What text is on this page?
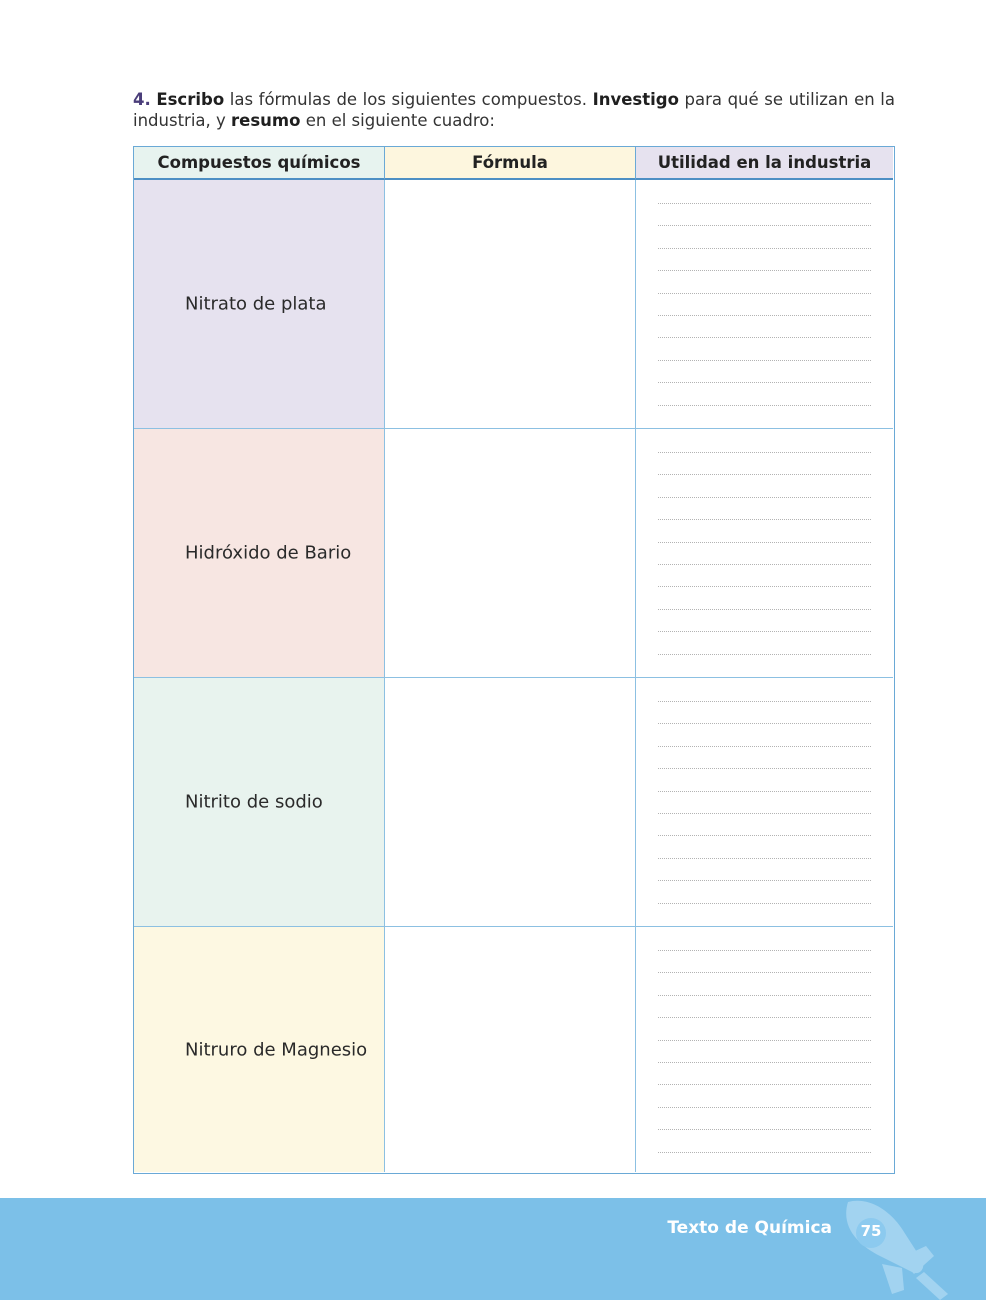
4. Escribo las fórmulas de los siguientes compuestos. Investigo para qué se utilizan en la industria, y resumo en el siguiente cuadro:
Compuestos químicos	Fórmula	Utilidad en la industria
Nitrato de plata
Hidróxido de Bario
Nitrito de sodio
Nitruro de Magnesio
Texto de Química	75
